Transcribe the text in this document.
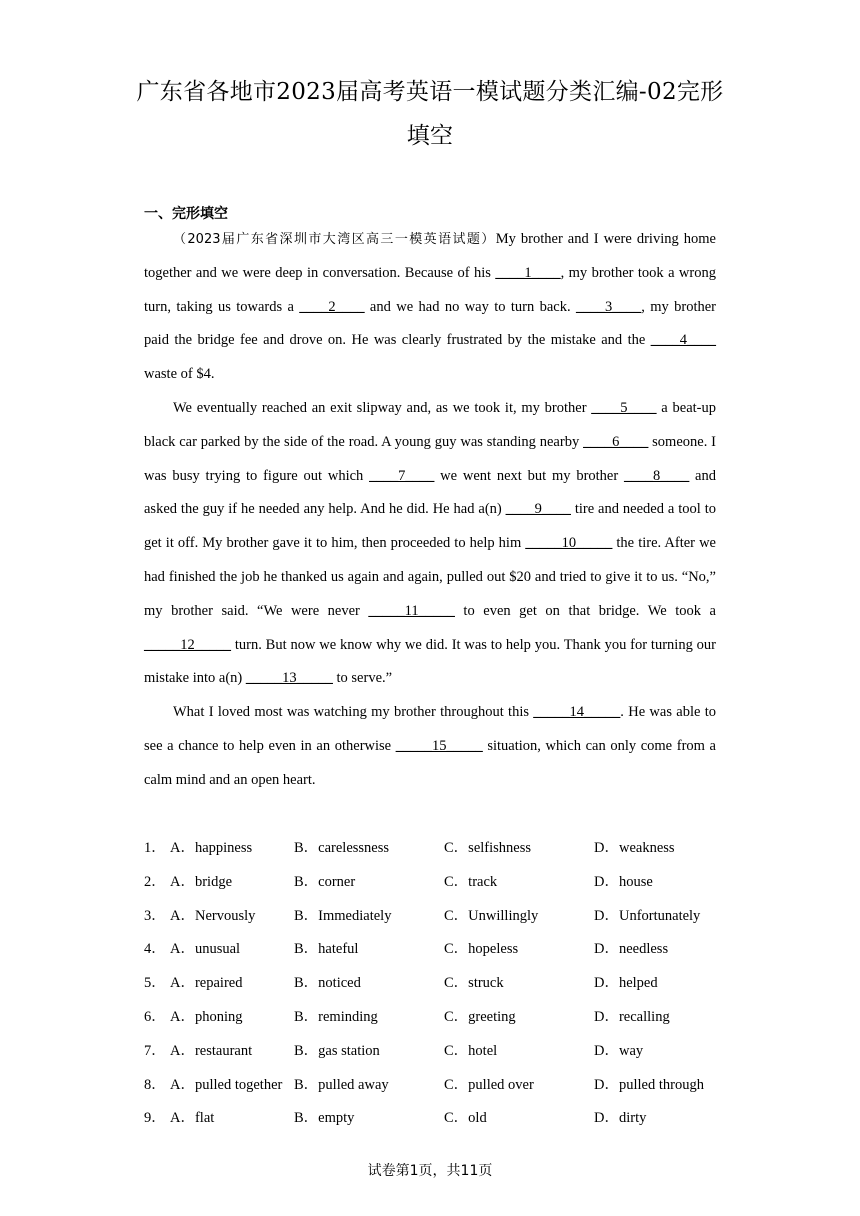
广东省各地市2023届高考英语一模试题分类汇编-02完形填空
一、完形填空

（2023届广东省深圳市大湾区高三一模英语试题）My brother and I were driving home together and we were deep in conversation. Because of his ____1____, my brother took a wrong turn, taking us towards a ____2____ and we had no way to turn back. ____3____, my brother paid the bridge fee and drove on. He was clearly frustrated by the mistake and the ____4____ waste of $4.

We eventually reached an exit slipway and, as we took it, my brother ____5____ a beat-up black car parked by the side of the road. A young guy was standing nearby ____6____ someone. I was busy trying to figure out which ____7____ we went next but my brother ____8____ and asked the guy if he needed any help. And he did. He had a(n) ____9____ tire and needed a tool to get it off. My brother gave it to him, then proceeded to help him _____10_____ the tire. After we had finished the job he thanked us again and again, pulled out $20 and tried to give it to us. “No,” my brother said. “We were never _____11_____ to even get on that bridge. We took a _____12_____ turn. But now we know why we did. It was to help you. Thank you for turning our mistake into a(n) _____13_____ to serve.”

What I loved most was watching my brother throughout this _____14_____. He was able to see a chance to help even in an otherwise _____15_____ situation, which can only come from a calm mind and an open heart.

1． A．happiness	B．carelessness	C．selfishness	D．weakness
2． A．bridge	B．corner	C．track	D．house
3． A．Nervously	B．Immediately	C．Unwillingly	D．Unfortunately
4． A．unusual	B．hateful	C．hopeless	D．needless
5． A．repaired	B．noticed	C．struck	D．helped
6． A．phoning	B．reminding	C．greeting	D．recalling
7． A．restaurant	B．gas station	C．hotel	D．way
8． A．pulled together B．pulled away	C．pulled over	D．pulled through
9． A．flat	B．empty	C．old	D．dirty
试卷第1页，共11页
